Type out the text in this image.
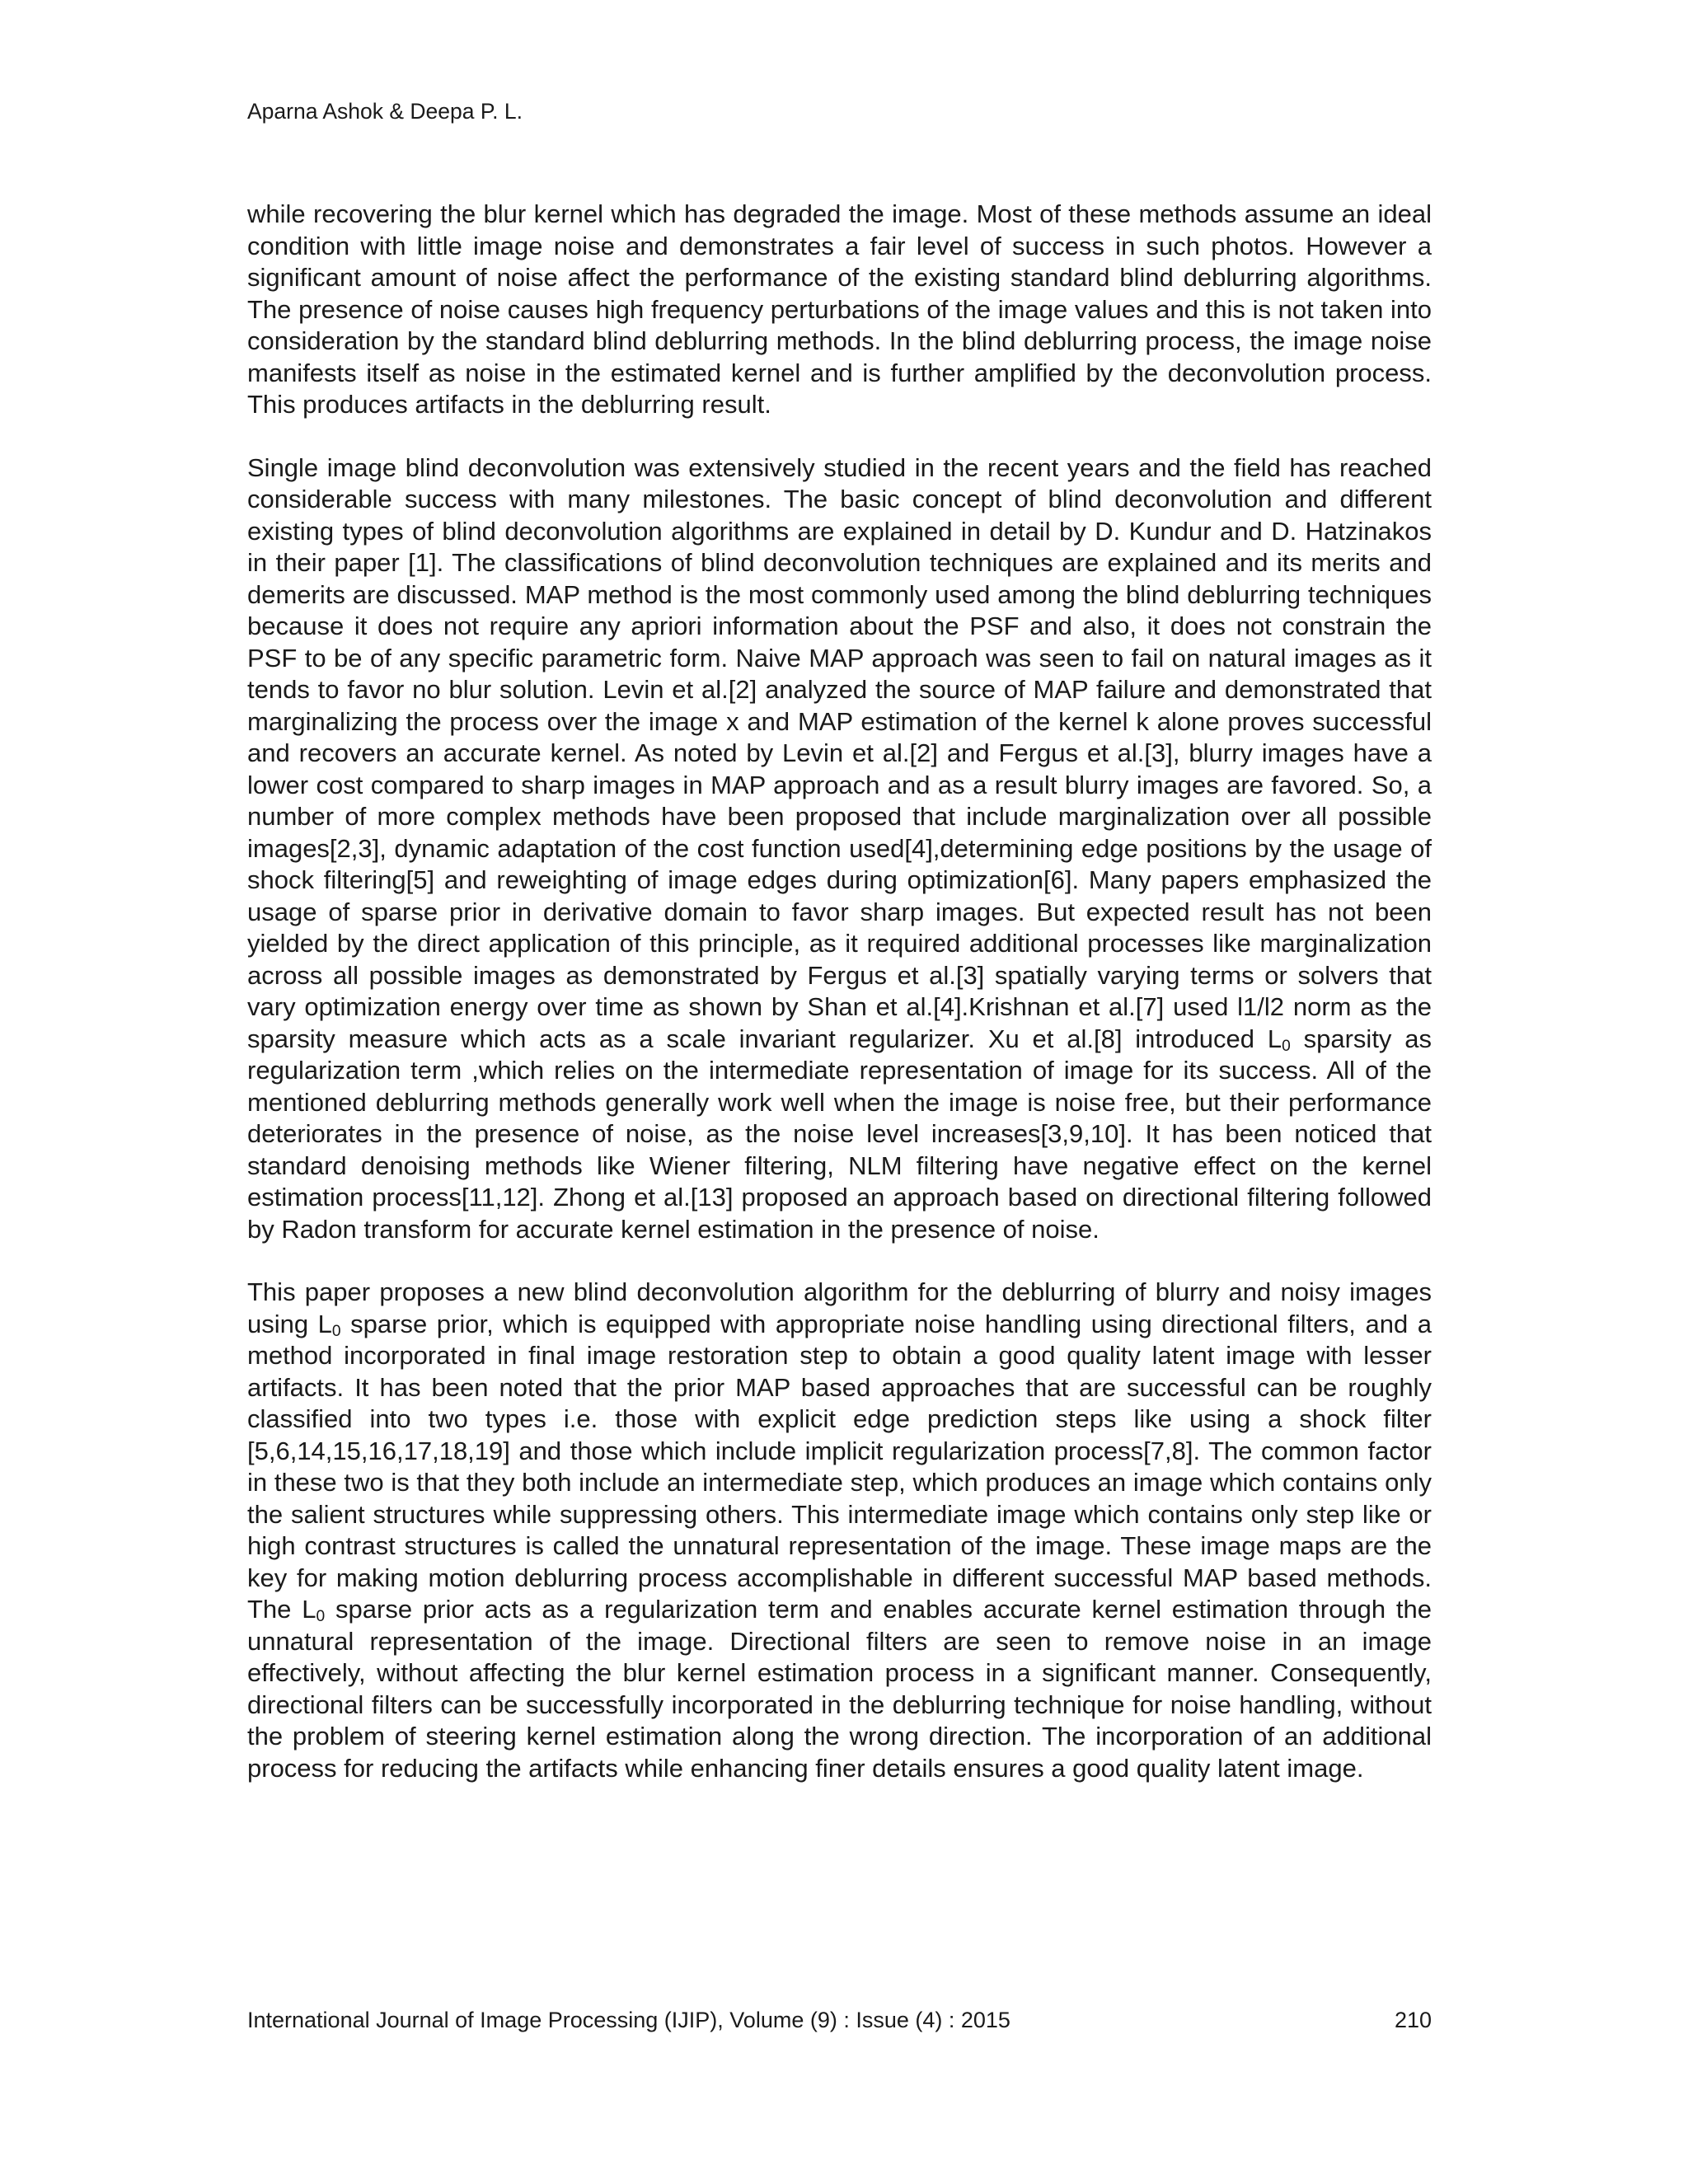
Aparna Ashok & Deepa P. L.

while recovering the blur kernel which has degraded the image. Most of these methods assume an ideal condition with little image noise and demonstrates a fair level of success in such photos. However a significant amount of noise affect the performance of the existing standard blind deblurring algorithms. The presence of noise causes high frequency perturbations of the image values and this is not taken into consideration by the standard blind deblurring methods. In the blind deblurring process, the image noise manifests itself as noise in the estimated kernel and is further amplified by the deconvolution process. This produces artifacts in the deblurring result.

Single image blind deconvolution was extensively studied in the recent years and the field has reached considerable success with many milestones. The basic concept of blind deconvolution and different existing types of blind deconvolution algorithms are explained in detail by D. Kundur and D. Hatzinakos in their paper [1]. The classifications of blind deconvolution techniques are explained and its merits and demerits are discussed. MAP method is the most commonly used among the blind deblurring techniques because it does not require any apriori information about the PSF and also, it does not constrain the PSF to be of any specific parametric form. Naive MAP approach was seen to fail on natural images as it tends to favor no blur solution. Levin et al.[2] analyzed the source of MAP failure and demonstrated that marginalizing the process over the image x and MAP estimation of the kernel k alone proves successful and recovers an accurate kernel. As noted by Levin et al.[2] and Fergus et al.[3], blurry images have a lower cost compared to sharp images in MAP approach and as a result blurry images are favored. So, a number of more complex methods have been proposed that include marginalization over all possible images[2,3], dynamic adaptation of the cost function used[4],determining edge positions by the usage of shock filtering[5] and reweighting of image edges during optimization[6]. Many papers emphasized the usage of sparse prior in derivative domain to favor sharp images. But expected result has not been yielded by the direct application of this principle, as it required additional processes like marginalization across all possible images as demonstrated by Fergus et al.[3] spatially varying terms or solvers that vary optimization energy over time as shown by Shan et al.[4].Krishnan et al.[7] used l1/l2 norm as the sparsity measure which acts as a scale invariant regularizer. Xu et al.[8] introduced $L_0$ sparsity as regularization term ,which relies on the intermediate representation of image for its success. All of the mentioned deblurring methods generally work well when the image is noise free, but their performance deteriorates in the presence of noise, as the noise level increases[3,9,10]. It has been noticed that standard denoising methods like Wiener filtering, NLM filtering have negative effect on the kernel estimation process[11,12]. Zhong et al.[13] proposed an approach based on directional filtering followed by Radon transform for accurate kernel estimation in the presence of noise.

This paper proposes a new blind deconvolution algorithm for the deblurring of blurry and noisy images using $L_0$ sparse prior, which is equipped with appropriate noise handling using directional filters, and a method incorporated in final image restoration step to obtain a good quality latent image with lesser artifacts. It has been noted that the prior MAP based approaches that are successful can be roughly classified into two types i.e. those with explicit edge prediction steps like using a shock filter [5,6,14,15,16,17,18,19] and those which include implicit regularization process[7,8]. The common factor in these two is that they both include an intermediate step, which produces an image which contains only the salient structures while suppressing others. This intermediate image which contains only step like or high contrast structures is called the unnatural representation of the image. These image maps are the key for making motion deblurring process accomplishable in different successful MAP based methods. The $L_0$ sparse prior acts as a regularization term and enables accurate kernel estimation through the unnatural representation of the image. Directional filters are seen to remove noise in an image effectively, without affecting the blur kernel estimation process in a significant manner. Consequently, directional filters can be successfully incorporated in the deblurring technique for noise handling, without the problem of steering kernel estimation along the wrong direction. The incorporation of an additional process for reducing the artifacts while enhancing finer details ensures a good quality latent image.

International Journal of Image Processing (IJIP), Volume (9) : Issue (4) : 2015	210
